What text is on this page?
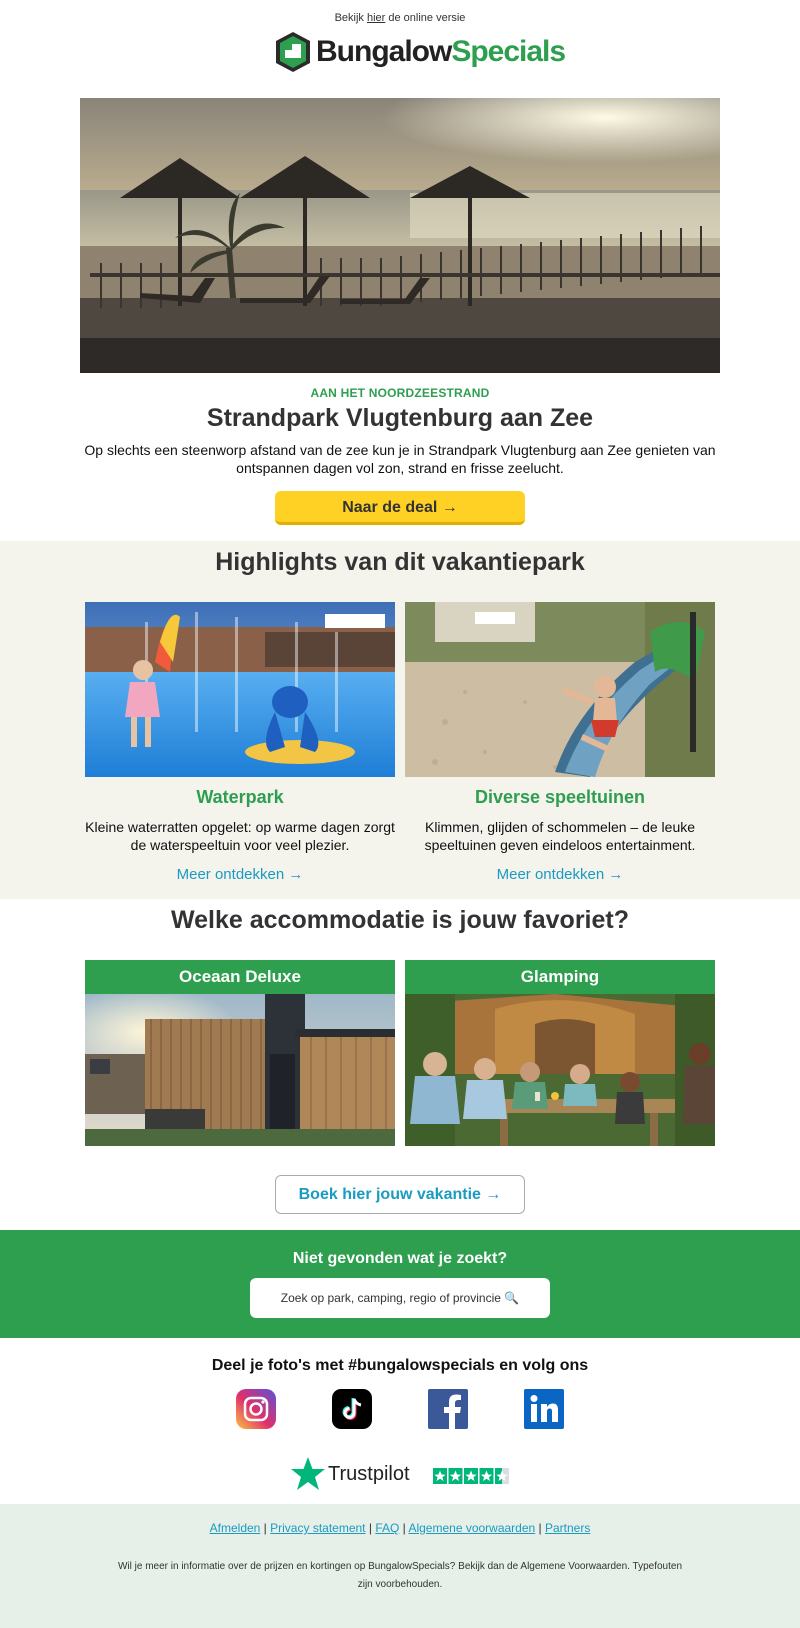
Bekijk hier de online versie
BungalowSpecials
AAN HET NOORDZEESTRAND
Strandpark Vlugtenburg aan Zee
Op slechts een steenworp afstand van de zee kun je in Strandpark Vlugtenburg aan Zee genieten van ontspannen dagen vol zon, strand en frisse zeelucht.
Naar de deal →
Highlights van dit vakantiepark
Waterpark
Kleine waterratten opgelet: op warme dagen zorgt de waterspeeltuin voor veel plezier.
Meer ontdekken →
Diverse speeltuinen
Klimmen, glijden of schommelen – de leuke speeltuinen geven eindeloos entertainment.
Meer ontdekken →
Welke accommodatie is jouw favoriet?
Oceaan Deluxe	Glamping
Boek hier jouw vakantie →
Niet gevonden wat je zoekt?
Zoek op park, camping, regio of provincie 🔍
Deel je foto's met #bungalowspecials en volg ons
Trustpilot
Afmelden | Privacy statement | FAQ | Algemene voorwaarden | Partners
Wil je meer in informatie over de prijzen en kortingen op BungalowSpecials? Bekijk dan de Algemene Voorwaarden. Typefouten zijn voorbehouden.
